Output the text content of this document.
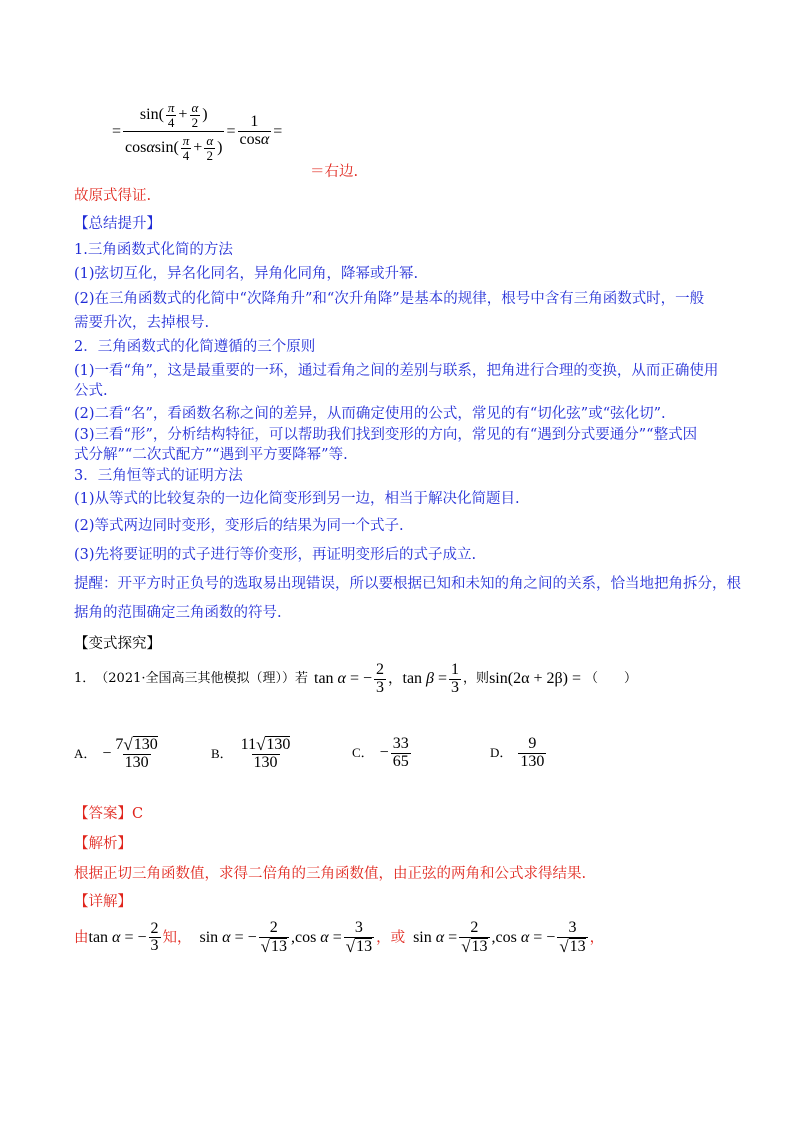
=
$\sin( \frac{\pi}{4} + \frac{\alpha}{2}$ )
cos α $\sin( \frac{\pi}{4} + \frac{\alpha}{2}$ )
= $\frac{1}{\cos\alpha}$ =
＝右边.
故原式得证.
【总结提升】
1.三角函数式化简的方法
(1)弦切互化，异名化同名，异角化同角，降幂或升幂.
(2)在三角函数式的化简中“次降角升”和“次升角降”是基本的规律，根号中含有三角函数式时，一般
需要升次，去掉根号.
2．三角函数式的化简遵循的三个原则
(1)一看“角”，这是最重要的一环，通过看角之间的差别与联系，把角进行合理的变换，从而正确使用
公式.
(2)二看“名”，看函数名称之间的差异，从而确定使用的公式，常见的有“切化弦”或“弦化切”.
(3)三看“形”，分析结构特征，可以帮助我们找到变形的方向，常见的有“遇到分式要通分”“整式因
式分解”“二次式配方”“遇到平方要降幂”等.
3．三角恒等式的证明方法
(1)从等式的比较复杂的一边化简变形到另一边，相当于解决化简题目.
(2)等式两边同时变形，变形后的结果为同一个式子.
(3)先将要证明的式子进行等价变形，再证明变形后的式子成立.
提醒：开平方时正负号的选取易出现错误，所以要根据已知和未知的角之间的关系，恰当地把角拆分，根
据角的范围确定三角函数的符号.
【变式探究】
1． （2021·全国高三其他模拟（理））若 tan
α
= − $\frac{2}{3}$ ， tan
β
= $\frac{1}{3}$ ，则 sin(2α + 2β) = （　　）
A． − $\frac{7 √ 130}{130}$	B． $\frac{11 √ 130}{130}$	C． − $\frac{33}{65}$	D． $\frac{9}{130}$
【答案】C
【解析】
根据正切三角函数值，求得二倍角的三角函数值，由正弦的两角和公式求得结果.
【详解】
由 tan
α
= − $\frac{2}{3}$ 知， sin
α
= − $\frac{2}{√ 13}$ , cos
α
= $\frac{3}{√ 13}$ ，或 sin
α
= $\frac{2}{√ 13}$ , cos
α
= − $\frac{3}{√ 13}$ ，
